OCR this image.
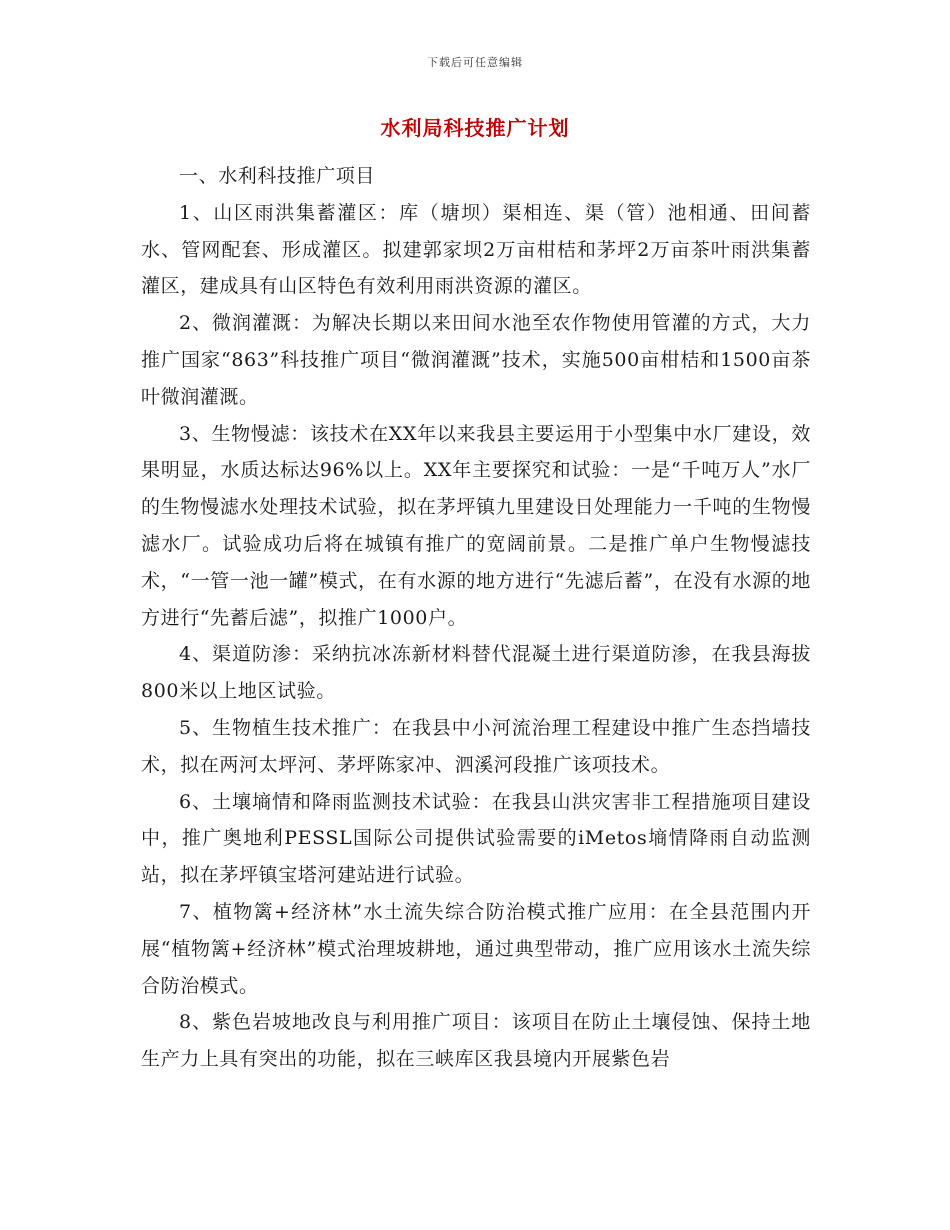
下载后可任意编辑
水利局科技推广计划

一、水利科技推广项目

1、山区雨洪集蓄灌区：库（塘坝）渠相连、渠（管）池相通、田间蓄水、管网配套、形成灌区。拟建郭家坝2万亩柑桔和茅坪2万亩茶叶雨洪集蓄灌区，建成具有山区特色有效利用雨洪资源的灌区。

2、微润灌溉：为解决长期以来田间水池至农作物使用管灌的方式，大力推广国家“863”科技推广项目“微润灌溉”技术，实施500亩柑桔和1500亩茶叶微润灌溉。

3、生物慢滤：该技术在XX年以来我县主要运用于小型集中水厂建设，效果明显，水质达标达96%以上。XX年主要探究和试验：一是“千吨万人”水厂的生物慢滤水处理技术试验，拟在茅坪镇九里建设日处理能力一千吨的生物慢滤水厂。试验成功后将在城镇有推广的宽阔前景。二是推广单户生物慢滤技术，“一管一池一罐”模式，在有水源的地方进行“先滤后蓄”，在没有水源的地方进行“先蓄后滤”，拟推广1000户。

4、渠道防渗：采纳抗冰冻新材料替代混凝土进行渠道防渗，在我县海拔800米以上地区试验。

5、生物植生技术推广：在我县中小河流治理工程建设中推广生态挡墙技术，拟在两河太坪河、茅坪陈家冲、泗溪河段推广该项技术。

6、土壤墒情和降雨监测技术试验：在我县山洪灾害非工程措施项目建设中，推广奥地利PESSL国际公司提供试验需要的iMetos墒情降雨自动监测站，拟在茅坪镇宝塔河建站进行试验。

7、植物篱+经济林”水土流失综合防治模式推广应用：在全县范围内开展“植物篱+经济林”模式治理坡耕地，通过典型带动，推广应用该水土流失综合防治模式。

8、紫色岩坡地改良与利用推广项目：该项目在防止土壤侵蚀、保持土地生产力上具有突出的功能，拟在三峡库区我县境内开展紫色岩
